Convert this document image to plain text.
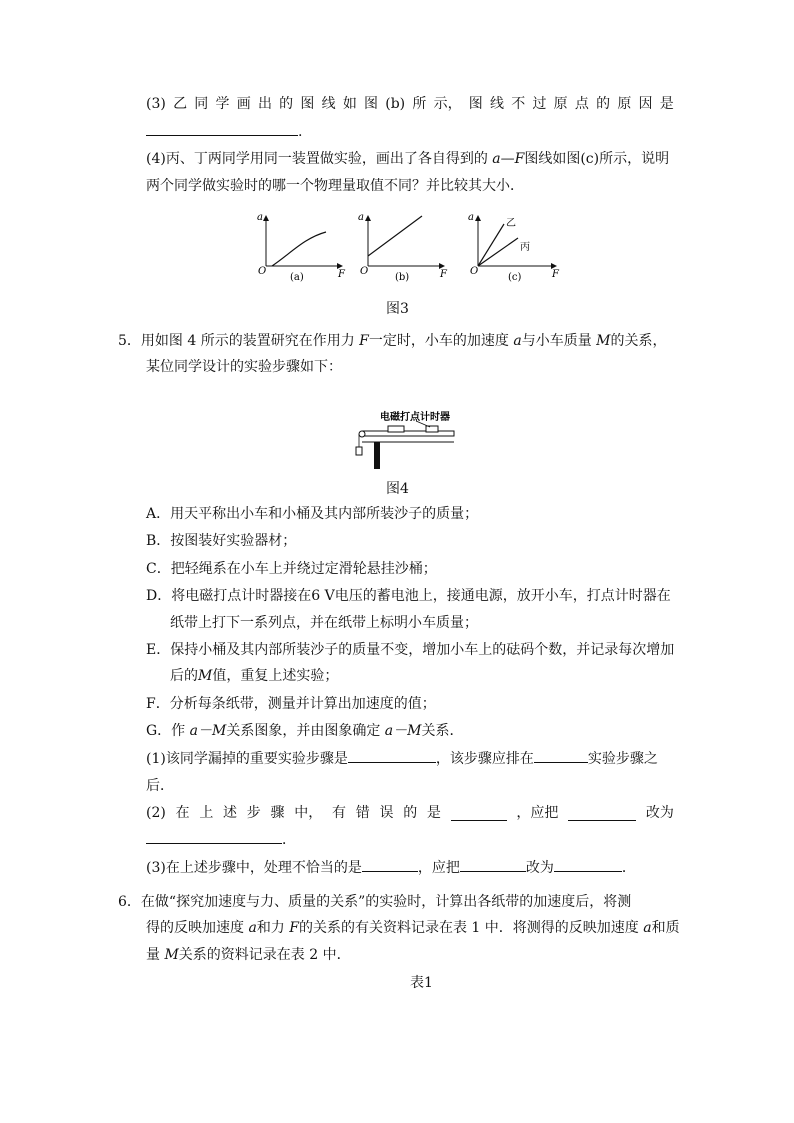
(3) 乙 同 学 画 出 的 图 线 如 图 (b) 所 示， 图 线 不 过 原 点 的 原 因 是
.
(4)丙、丁两同学用同一装置做实验，画出了各自得到的 a—F图线如图(c)所示，说明
两个同学做实验时的哪一个物理量取值不同？并比较其大小．
a
O	F
(a)
a
O	F
(b)
乙
丙
a
O	F
(c)
图3
5．用如图 4 所示的装置研究在作用力 F一定时，小车的加速度 a与小车质量 M的关系，
某位同学设计的实验步骤如下：
电磁打点计时器
图4
A．用天平称出小车和小桶及其内部所装沙子的质量；
B．按图装好实验器材；
C．把轻绳系在小车上并绕过定滑轮悬挂沙桶；
D．将电磁打点计时器接在6 V电压的蓄电池上，接通电源，放开小车，打点计时器在
纸带上打下一系列点，并在纸带上标明小车质量；
E．保持小桶及其内部所装沙子的质量不变，增加小车上的砝码个数，并记录每次增加
后的M值，重复上述实验；
F．分析每条纸带，测量并计算出加速度的值；
G．作 a－M关系图象，并由图象确定 a－M关系．
(1)该同学漏掉的重要实验步骤是	，该步骤应排在	实验步骤之
后．
(2) 在 上 述 步 骤 中， 有 错 误 的 是	，应把	改为
．
(3)在上述步骤中，处理不恰当的是	，应把	改为	．
6．在做“探究加速度与力、质量的关系”的实验时，计算出各纸带的加速度后，将测
得的反映加速度 a和力 F的关系的有关资料记录在表 1 中．将测得的反映加速度 a和质
量 M关系的资料记录在表 2 中．
表1
